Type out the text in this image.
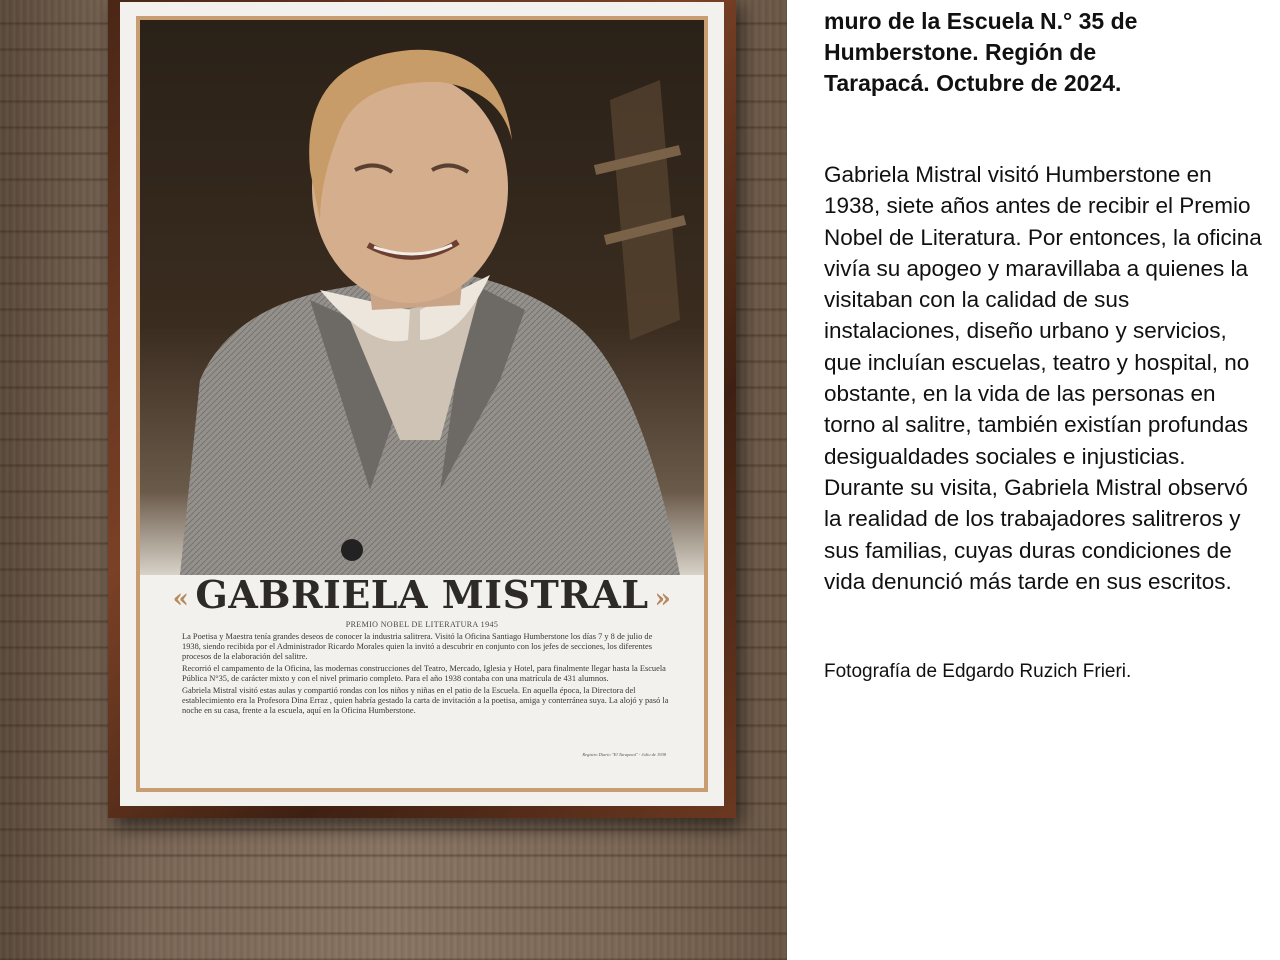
« GABRIELA MISTRAL »
PREMIO NOBEL DE LITERATURA 1945

La Poetisa y Maestra tenía grandes deseos de conocer la industria salitrera. Visitó la Oficina Santiago Humberstone los días 7 y 8 de julio de 1938, siendo recibida por el Administrador Ricardo Morales quien la invitó a descubrir en conjunto con los jefes de secciones, los diferentes procesos de la elaboración del salitre.

Recorrió el campamento de la Oficina, las modernas construcciones del Teatro, Mercado, Iglesia y Hotel, para finalmente llegar hasta la Escuela Pública N°35, de carácter mixto y con el nivel primario completo. Para el año 1938 contaba con una matrícula de 431 alumnos.

Gabriela Mistral visitó estas aulas y compartió rondas con los niños y niñas en el patio de la Escuela. En aquella época, la Directora del establecimiento era la Profesora Dina Erraz , quien habría gestado la carta de invitación a la poetisa, amiga y conterránea suya. La alojó y pasó la noche en su casa, frente a la escuela, aquí en la Oficina Humberstone.

Registro Diario "El Tarapacá" - Julio de 1938

muro de la Escuela N.° 35 de
Humberstone. Región de
Tarapacá. Octubre de 2024.

Gabriela Mistral visitó Humberstone en 1938, siete años antes de recibir el Premio Nobel de Literatura. Por entonces, la oficina vivía su apogeo y maravillaba a quienes la visitaban con la calidad de sus instalaciones, diseño urbano y servicios, que incluían escuelas, teatro y hospital, no obstante, en la vida de las personas en torno al salitre, también existían profundas desigualdades sociales e injusticias. Durante su visita, Gabriela Mistral observó la realidad de los trabajadores salitreros y sus familias, cuyas duras condiciones de vida denunció más tarde en sus escritos.

Fotografía de Edgardo Ruzich Frieri.
